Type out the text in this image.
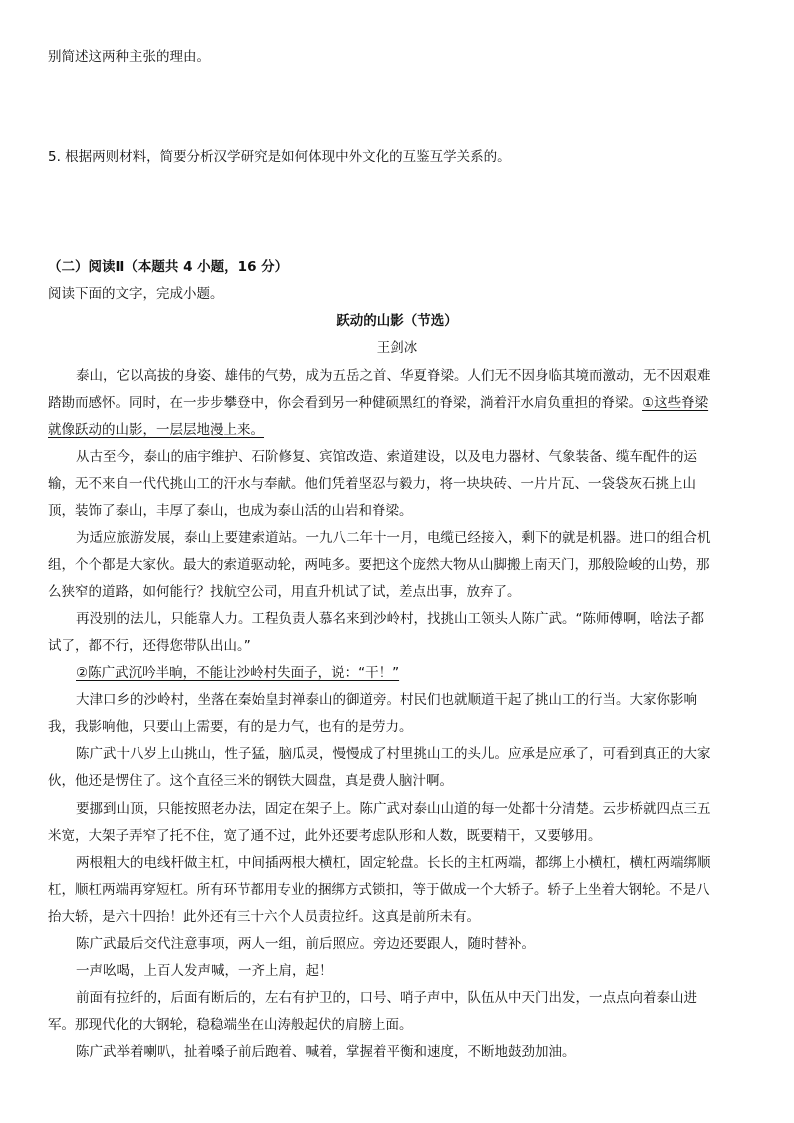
别简述这两种主张的理由。
5. 根据两则材料，简要分析汉学研究是如何体现中外文化的互鉴互学关系的。
（二）阅读Ⅱ（本题共 4 小题，16 分）
阅读下面的文字，完成小题。
跃动的山影（节选）
王剑冰
泰山，它以高拔的身姿、雄伟的气势，成为五岳之首、华夏脊梁。人们无不因身临其境而激动，无不因艰难
踏勘而感怀。同时，在一步步攀登中，你会看到另一种健硕黑红的脊梁，淌着汗水肩负重担的脊梁。①这些脊梁
就像跃动的山影，一层层地漫上来。
从古至今，泰山的庙宇维护、石阶修复、宾馆改造、索道建设，以及电力器材、气象装备、缆车配件的运
输，无不来自一代代挑山工的汗水与奉献。他们凭着坚忍与毅力，将一块块砖、一片片瓦、一袋袋灰石挑上山
顶，装饰了泰山，丰厚了泰山，也成为泰山活的山岩和脊梁。
为适应旅游发展，泰山上要建索道站。一九八二年十一月，电缆已经接入，剩下的就是机器。进口的组合机
组，个个都是大家伙。最大的索道驱动轮，两吨多。要把这个庞然大物从山脚搬上南天门，那般险峻的山势，那
么狭窄的道路，如何能行？找航空公司，用直升机试了试，差点出事，放弃了。
再没别的法儿，只能靠人力。工程负责人慕名来到沙岭村，找挑山工领头人陈广武。“陈师傅啊，啥法子都
试了，都不行，还得您带队出山。”
②陈广武沉吟半晌，不能让沙岭村失面子，说：“干！”
大津口乡的沙岭村，坐落在秦始皇封禅泰山的御道旁。村民们也就顺道干起了挑山工的行当。大家你影响
我，我影响他，只要山上需要，有的是力气，也有的是劳力。
陈广武十八岁上山挑山，性子猛，脑瓜灵，慢慢成了村里挑山工的头儿。应承是应承了，可看到真正的大家
伙，他还是愣住了。这个直径三米的钢铁大圆盘，真是费人脑汁啊。
要挪到山顶，只能按照老办法，固定在架子上。陈广武对泰山山道的每一处都十分清楚。云步桥就四点三五
米宽，大架子弄窄了托不住，宽了通不过，此外还要考虑队形和人数，既要精干，又要够用。
两根粗大的电线杆做主杠，中间插两根大横杠，固定轮盘。长长的主杠两端，都绑上小横杠，横杠两端绑顺
杠，顺杠两端再穿短杠。所有环节都用专业的捆绑方式锁扣，等于做成一个大轿子。轿子上坐着大钢轮。不是八
抬大轿，是六十四抬！此外还有三十六个人员责拉纤。这真是前所未有。
陈广武最后交代注意事项，两人一组，前后照应。旁边还要跟人，随时替补。
一声吆喝，上百人发声喊，一齐上肩，起！
前面有拉纤的，后面有断后的，左右有护卫的，口号、哨子声中，队伍从中天门出发，一点点向着泰山进
军。那现代化的大钢轮，稳稳端坐在山涛般起伏的肩膀上面。
陈广武举着喇叭，扯着嗓子前后跑着、喊着，掌握着平衡和速度，不断地鼓劲加油。
